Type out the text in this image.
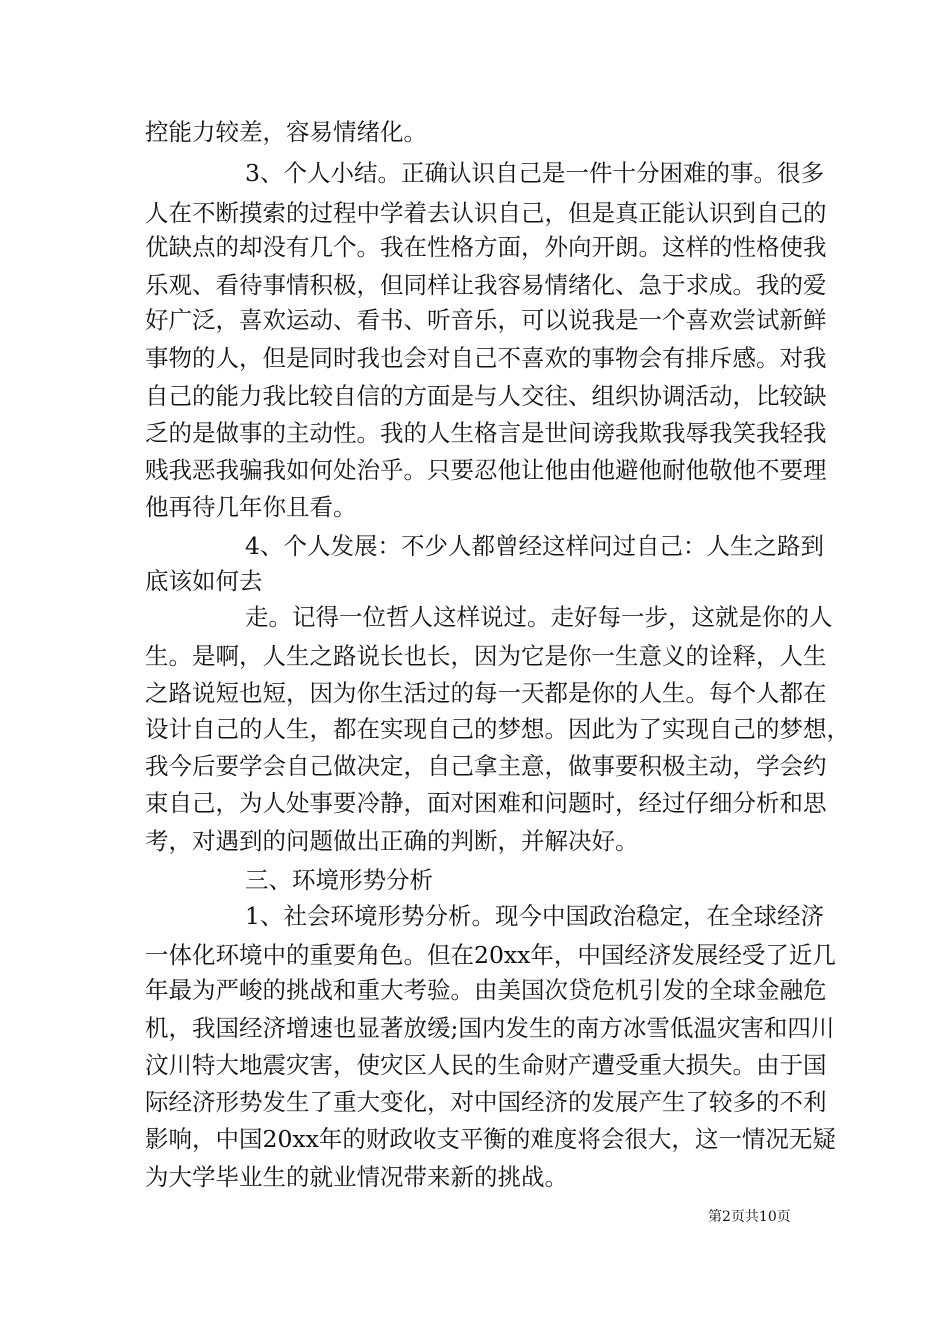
控能力较差，容易情绪化。
3、个人小结。正确认识自己是一件十分困难的事。很多
人在不断摸索的过程中学着去认识自己，但是真正能认识到自己的
优缺点的却没有几个。我在性格方面，外向开朗。这样的性格使我
乐观、看待事情积极，但同样让我容易情绪化、急于求成。我的爱
好广泛，喜欢运动、看书、听音乐，可以说我是一个喜欢尝试新鲜
事物的人，但是同时我也会对自己不喜欢的事物会有排斥感。对我
自己的能力我比较自信的方面是与人交往、组织协调活动，比较缺
乏的是做事的主动性。我的人生格言是世间谤我欺我辱我笑我轻我
贱我恶我骗我如何处治乎。只要忍他让他由他避他耐他敬他不要理
他再待几年你且看。
4、个人发展：不少人都曾经这样问过自己：人生之路到
底该如何去
走。记得一位哲人这样说过。走好每一步，这就是你的人
生。是啊，人生之路说长也长，因为它是你一生意义的诠释，人生
之路说短也短，因为你生活过的每一天都是你的人生。每个人都在
设计自己的人生，都在实现自己的梦想。因此为了实现自己的梦想，
我今后要学会自己做决定，自己拿主意，做事要积极主动，学会约
束自己，为人处事要冷静，面对困难和问题时，经过仔细分析和思
考，对遇到的问题做出正确的判断，并解决好。
三、环境形势分析
1、社会环境形势分析。现今中国政治稳定，在全球经济
一体化环境中的重要角色。但在20xx年，中国经济发展经受了近几
年最为严峻的挑战和重大考验。由美国次贷危机引发的全球金融危
机，我国经济增速也显著放缓;国内发生的南方冰雪低温灾害和四川
汶川特大地震灾害，使灾区人民的生命财产遭受重大损失。由于国
际经济形势发生了重大变化，对中国经济的发展产生了较多的不利
影响，中国20xx年的财政收支平衡的难度将会很大，这一情况无疑
为大学毕业生的就业情况带来新的挑战。
第2页共10页
